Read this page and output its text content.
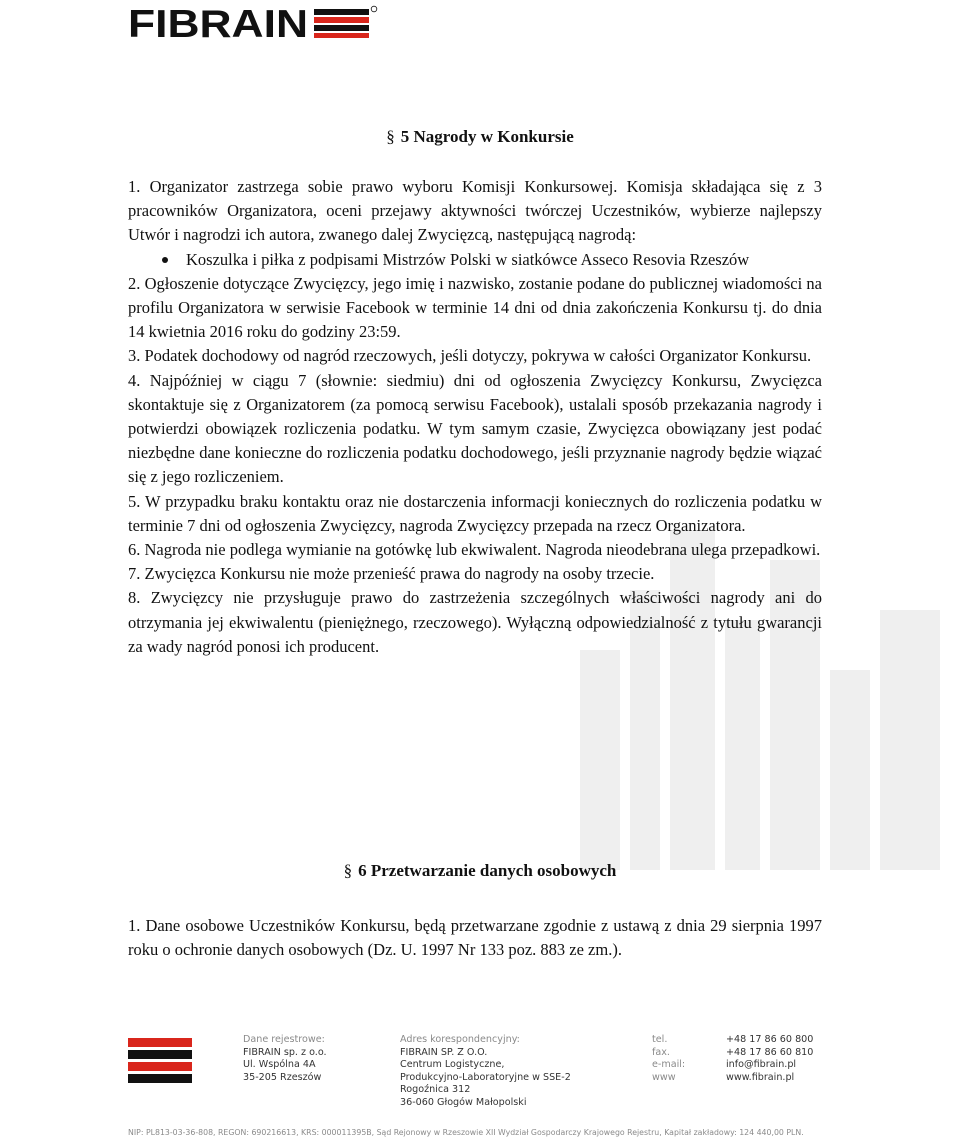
FIBRAIN
§ 5 Nagrody w Konkursie

1. Organizator zastrzega sobie prawo wyboru Komisji Konkursowej. Komisja składająca się z 3 pracowników Organizatora, oceni przejawy aktywności twórczej Uczestników, wybierze najlepszy Utwór i nagrodzi ich autora, zwanego dalej Zwycięzcą, następującą nagrodą:

Koszulka i piłka z podpisami Mistrzów Polski w siatkówce Asseco Resovia Rzeszów

2. Ogłoszenie dotyczące Zwycięzcy, jego imię i nazwisko, zostanie podane do publicznej wiadomości na profilu Organizatora w serwisie Facebook w terminie 14 dni od dnia zakończenia Konkursu tj. do dnia 14 kwietnia 2016 roku do godziny 23:59.

3. Podatek dochodowy od nagród rzeczowych, jeśli dotyczy, pokrywa w całości Organizator Konkursu.

4. Najpóźniej w ciągu 7 (słownie: siedmiu) dni od ogłoszenia Zwycięzcy Konkursu, Zwycięzca skontaktuje się z Organizatorem (za pomocą serwisu Facebook), ustalali sposób przekazania nagrody i potwierdzi obowiązek rozliczenia podatku. W tym samym czasie, Zwycięzca obowiązany jest podać niezbędne dane konieczne do rozliczenia podatku dochodowego, jeśli przyznanie nagrody będzie wiązać się z jego rozliczeniem.

5. W przypadku braku kontaktu oraz nie dostarczenia informacji koniecznych do rozliczenia podatku w terminie 7 dni od ogłoszenia Zwycięzcy, nagroda Zwycięzcy przepada na rzecz Organizatora.

6. Nagroda nie podlega wymianie na gotówkę lub ekwiwalent. Nagroda nieodebrana ulega przepadkowi.

7. Zwycięzca Konkursu nie może przenieść prawa do nagrody na osoby trzecie.

8. Zwycięzcy nie przysługuje prawo do zastrzeżenia szczególnych właściwości nagrody ani do otrzymania jej ekwiwalentu (pieniężnego, rzeczowego). Wyłączną odpowiedzialność z tytułu gwarancji za wady nagród ponosi ich producent.

§ 6 Przetwarzanie danych osobowych

1. Dane osobowe Uczestników Konkursu, będą przetwarzane zgodnie z ustawą z dnia 29 sierpnia 1997 roku o ochronie danych osobowych (Dz. U. 1997 Nr 133 poz. 883 ze zm.).

Dane rejestrowe:
FIBRAIN sp. z o.o.
Ul. Wspólna 4A
35-205 Rzeszów
Adres korespondencyjny:
FIBRAIN SP. Z O.O.
Centrum Logistyczne,
Produkcyjno-Laboratoryjne w SSE-2
Rogoźnica 312
36-060 Głogów Małopolski
tel.
fax.
e-mail:
www
+48 17 86 60 800
+48 17 86 60 810
info@fibrain.pl
www.fibrain.pl
NIP: PL813-03-36-808, REGON: 690216613, KRS: 000011395B, Sąd Rejonowy w Rzeszowie XII Wydział Gospodarczy Krajowego Rejestru, Kapitał zakładowy: 124 440,00 PLN.
